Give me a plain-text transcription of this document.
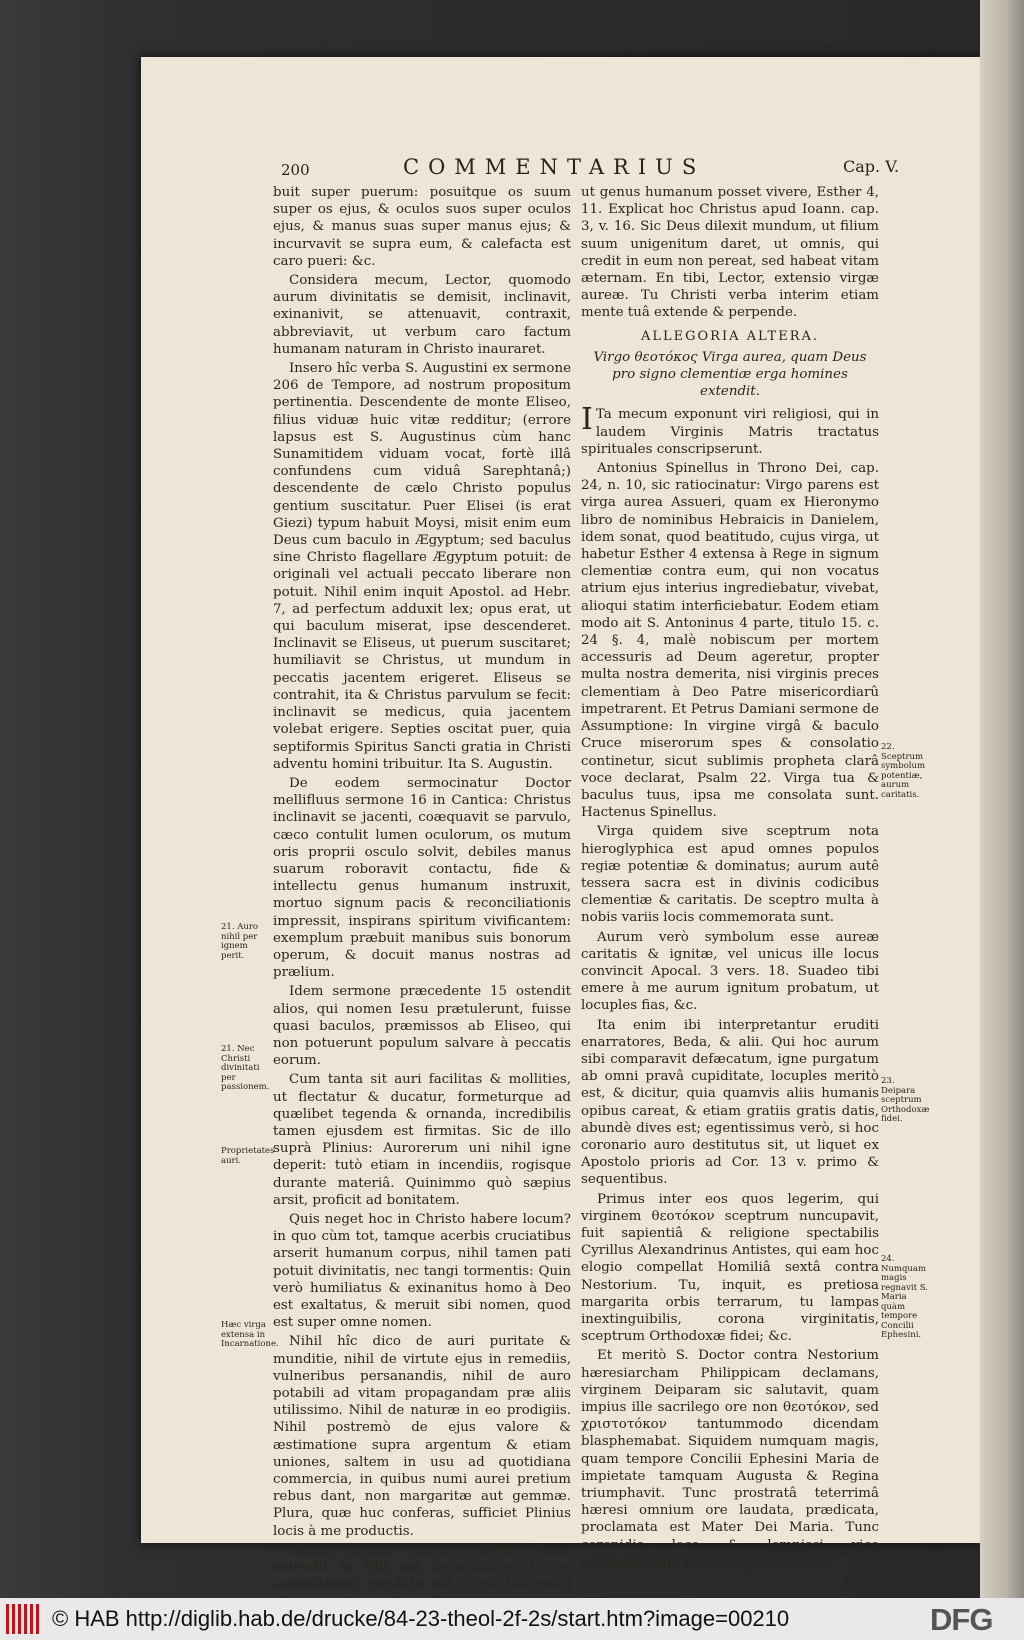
200	COMMENTARIUS	Cap. V.

buit super puerum: posuitque os suum super os ejus, & oculos suos super oculos ejus, & manus suas super manus ejus; & incurvavit se supra eum, & calefacta est caro pueri: &c.

Considera mecum, Lector, quomodo aurum divinitatis se demisit, inclinavit, exinanivit, se attenuavit, contraxit, abbreviavit, ut verbum caro factum humanam naturam in Christo inauraret.

Insero hîc verba S. Augustini ex sermone 206 de Tempore, ad nostrum propositum pertinentia. Descendente de monte Eliseo, filius viduæ huic vitæ redditur; (errore lapsus est S. Augustinus cùm hanc Sunamitidem viduam vocat, fortè illâ confundens cum viduâ Sarephtanâ;) descendente de cælo Christo populus gentium suscitatur. Puer Elisei (is erat Giezi) typum habuit Moysi, misit enim eum Deus cum baculo in Ægyptum; sed baculus sine Christo flagellare Ægyptum potuit: de originali vel actuali peccato liberare non potuit. Nihil enim inquit Apostol. ad Hebr. 7, ad perfectum adduxit lex; opus erat, ut qui baculum miserat, ipse descenderet. Inclinavit se Eliseus, ut puerum suscitaret; humiliavit se Christus, ut mundum in peccatis jacentem erigeret. Eliseus se contrahit, ita & Christus parvulum se fecit: inclinavit se medicus, quia jacentem volebat erigere. Septies oscitat puer, quia septiformis Spiritus Sancti gratia in Christi adventu homini tribuitur. Ita S. Augustin.

De eodem sermocinatur Doctor mellifluus sermone 16 in Cantica: Christus inclinavit se jacenti, coæquavit se parvulo, cæco contulit lumen oculorum, os mutum oris proprii osculo solvit, debiles manus suarum roboravit contactu, fide & intellectu genus humanum instruxit, mortuo signum pacis & reconciliationis impressit, inspirans spiritum vivificantem: exemplum præbuit manibus suis bonorum operum, & docuit manus nostras ad prælium.

Idem sermone præcedente 15 ostendit alios, qui nomen Iesu prætulerunt, fuisse quasi baculos, præmissos ab Eliseo, qui non potuerunt populum salvare à peccatis eorum.

Cum tanta sit auri facilitas & mollities, ut flectatur & ducatur, formeturque ad quælibet tegenda & ornanda, incredibilis tamen ejusdem est firmitas. Sic de illo suprà Plinius: Aurorerum uni nihil igne deperit: tutò etiam in incendiis, rogisque durante materiâ. Quinimmo quò sæpius arsit, proficit ad bonitatem.

Quis neget hoc in Christo habere locum? in quo cùm tot, tamque acerbis cruciatibus arserit humanum corpus, nihil tamen pati potuit divinitatis, nec tangi tormentis: Quin verò humiliatus & exinanitus homo à Deo est exaltatus, & meruit sibi nomen, quod est super omne nomen.

Nihil hîc dico de auri puritate & munditie, nihil de virtute ejus in remediis, vulneribus persanandis, nihil de auro potabili ad vitam propagandam præ aliis utilissimo. Nihil de naturæ in eo prodigiis. Nihil postremò de ejus valore & æstimatione supra argentum & etiam uniones, saltem in usu ad quotidiana commercia, in quibus numi aurei pretium rebus dant, non margaritæ aut gemmæ. Plura, quæ huc conferas, sufficiet Plinius locis à me productis.

Hanc virgam auream Deus Pater extendit in filii sui Incarnatione (cujus summitatem osculata est virgo Nazaræa)

ut genus humanum posset vivere, Esther 4, 11. Explicat hoc Christus apud Ioann. cap. 3, v. 16. Sic Deus dilexit mundum, ut filium suum unigenitum daret, ut omnis, qui credit in eum non pereat, sed habeat vitam æternam. En tibi, Lector, extensio virgæ aureæ. Tu Christi verba interim etiam mente tuâ extende & perpende.

ALLEGORIA ALTERA.

Virgo θεοτόκος Virga aurea, quam Deus pro signo clementiæ erga homines extendit.

ITa mecum exponunt viri religiosi, qui in laudem Virginis Matris tractatus spirituales conscripserunt.

Antonius Spinellus in Throno Dei, cap. 24, n. 10, sic ratiocinatur: Virgo parens est virga aurea Assueri, quam ex Hieronymo libro de nominibus Hebraicis in Danielem, idem sonat, quod beatitudo, cujus virga, ut habetur Esther 4 extensa à Rege in signum clementiæ contra eum, qui non vocatus atrium ejus interius ingrediebatur, vivebat, alioqui statim interficiebatur. Eodem etiam modo ait S. Antoninus 4 parte, titulo 15. c. 24 §. 4, malè nobiscum per mortem accessuris ad Deum ageretur, propter multa nostra demerita, nisi virginis preces clementiam à Deo Patre misericordiarû impetrarent. Et Petrus Damiani sermone de Assumptione: In virgine virgâ & baculo Cruce miserorum spes & consolatio continetur, sicut sublimis propheta clarâ voce declarat, Psalm 22. Virga tua & baculus tuus, ipsa me consolata sunt. Hactenus Spinellus.

Virga quidem sive sceptrum nota hieroglyphica est apud omnes populos regiæ potentiæ & dominatus; aurum autê tessera sacra est in divinis codicibus clementiæ & caritatis. De sceptro multa à nobis variis locis commemorata sunt.

Aurum verò symbolum esse aureæ caritatis & ignitæ, vel unicus ille locus convincit Apocal. 3 vers. 18. Suadeo tibi emere à me aurum ignitum probatum, ut locuples fias, &c.

Ita enim ibi interpretantur eruditi enarratores, Beda, & alii. Qui hoc aurum sibi comparavit defæcatum, igne purgatum ab omni pravâ cupiditate, locuples meritò est, & dicitur, quia quamvis aliis humanis opibus careat, & etiam gratiis gratis datis, abundè dives est; egentissimus verò, si hoc coronario auro destitutus sit, ut liquet ex Apostolo prioris ad Cor. 13 v. primo & sequentibus.

Primus inter eos quos legerim, qui virginem θεοτόκον sceptrum nuncupavit, fuit sapientiâ & religione spectabilis Cyrillus Alexandrinus Antistes, qui eam hoc elogio compellat Homiliâ sextâ contra Nestorium. Tu, inquit, es pretiosa margarita orbis terrarum, tu lampas inextinguibilis, corona virginitatis, sceptrum Orthodoxæ fidei; &c.

Et meritò S. Doctor contra Nestorium hæresiarcham Philippicam declamans, virginem Deiparam sic salutavit, quam impius ille sacrilego ore non θεοτόκον, sed χριστοτόκον tantummodo dicendam blasphemabat. Siquidem numquam magis, quam tempore Concilii Ephesini Maria de impietate tamquam Augusta & Regina triumphavit. Tunc prostratâ teterrimâ hæresi omnium ore laudata, prædicata, proclamata est Mater Dei Maria. Tunc coronidis loco & lemnisci vice additamentum illud accepit Angelica

Salu-

21. Auro nihil per ignem perit.
21. Nec Christi divinitati per passionem.
Proprietates auri.
Hæc virga extensa in Incarnatione.
22. Sceptrum symbolum potentiæ, aurum caritatis.
23. Deipara sceptrum Orthodoxæ fidei.
24. Numquam magis regnavit S. Maria quàm tempore Concilii Ephesini.
© HAB http://diglib.hab.de/drucke/84-23-theol-2f-2s/start.htm?image=00210	DFG
